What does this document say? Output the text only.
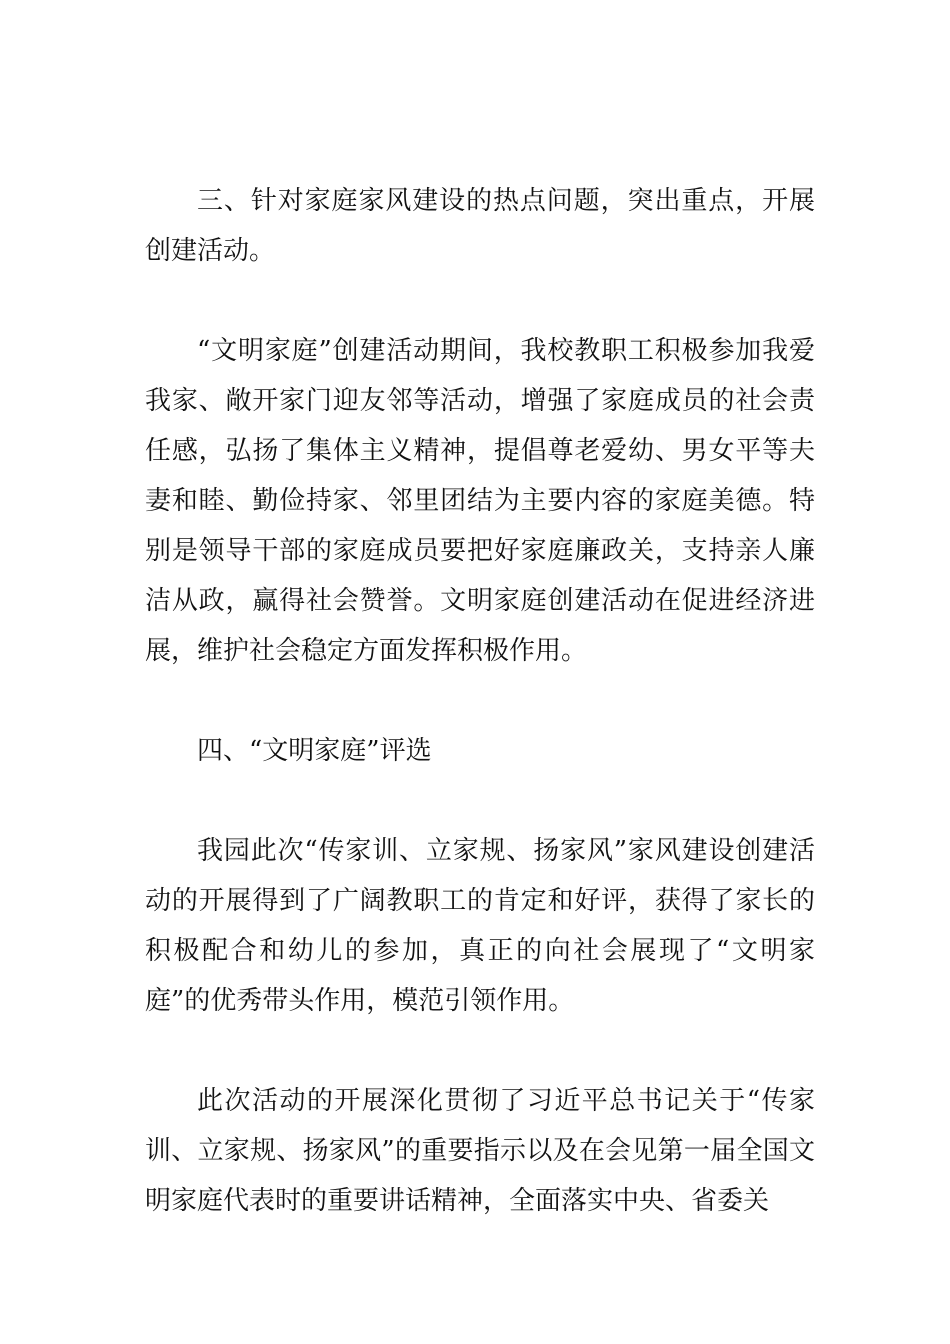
三、针对家庭家风建设的热点问题，突出重点，开展创建活动。

“文明家庭”创建活动期间，我校教职工积极参加我爱我家、敞开家门迎友邻等活动，增强了家庭成员的社会责任感，弘扬了集体主义精神，提倡尊老爱幼、男女平等夫妻和睦、勤俭持家、邻里团结为主要内容的家庭美德。特别是领导干部的家庭成员要把好家庭廉政关，支持亲人廉洁从政，赢得社会赞誉。文明家庭创建活动在促进经济进展，维护社会稳定方面发挥积极作用。

四、“文明家庭”评选

我园此次“传家训、立家规、扬家风”家风建设创建活动的开展得到了广阔教职工的肯定和好评，获得了家长的积极配合和幼儿的参加，真正的向社会展现了“文明家庭”的优秀带头作用，模范引领作用。

此次活动的开展深化贯彻了习近平总书记关于“传家训、立家规、扬家风”的重要指示以及在会见第一届全国文明家庭代表时的重要讲话精神，全面落实中央、省委关
